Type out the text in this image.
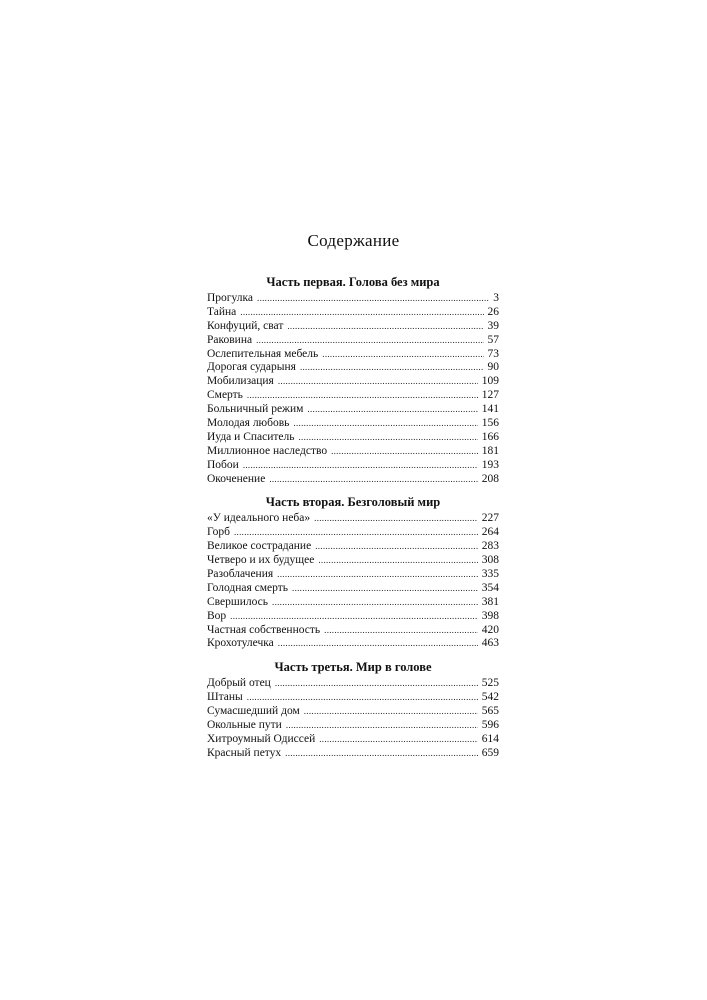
Содержание
Часть первая. Голова без мира
Прогулка .....	3
Тайна .....	26
Конфуций, сват .....	39
Раковина .....	57
Ослепительная мебель .....	73
Дорогая сударыня .....	90
Мобилизация .....	109
Смерть .....	127
Больничный режим .....	141
Молодая любовь .....	156
Иуда и Спаситель .....	166
Миллионное наследство .....	181
Побои .....	193
Окоченение .....	208
Часть вторая. Безголовый мир
«У идеального неба» .....	227
Горб .....	264
Великое сострадание .....	283
Четверо и их будущее .....	308
Разоблачения .....	335
Голодная смерть .....	354
Свершилось .....	381
Вор .....	398
Частная собственность .....	420
Крохотулечка .....	463
Часть третья. Мир в голове
Добрый отец .....	525
Штаны .....	542
Сумасшедший дом .....	565
Окольные пути .....	596
Хитроумный Одиссей .....	614
Красный петух .....	659
